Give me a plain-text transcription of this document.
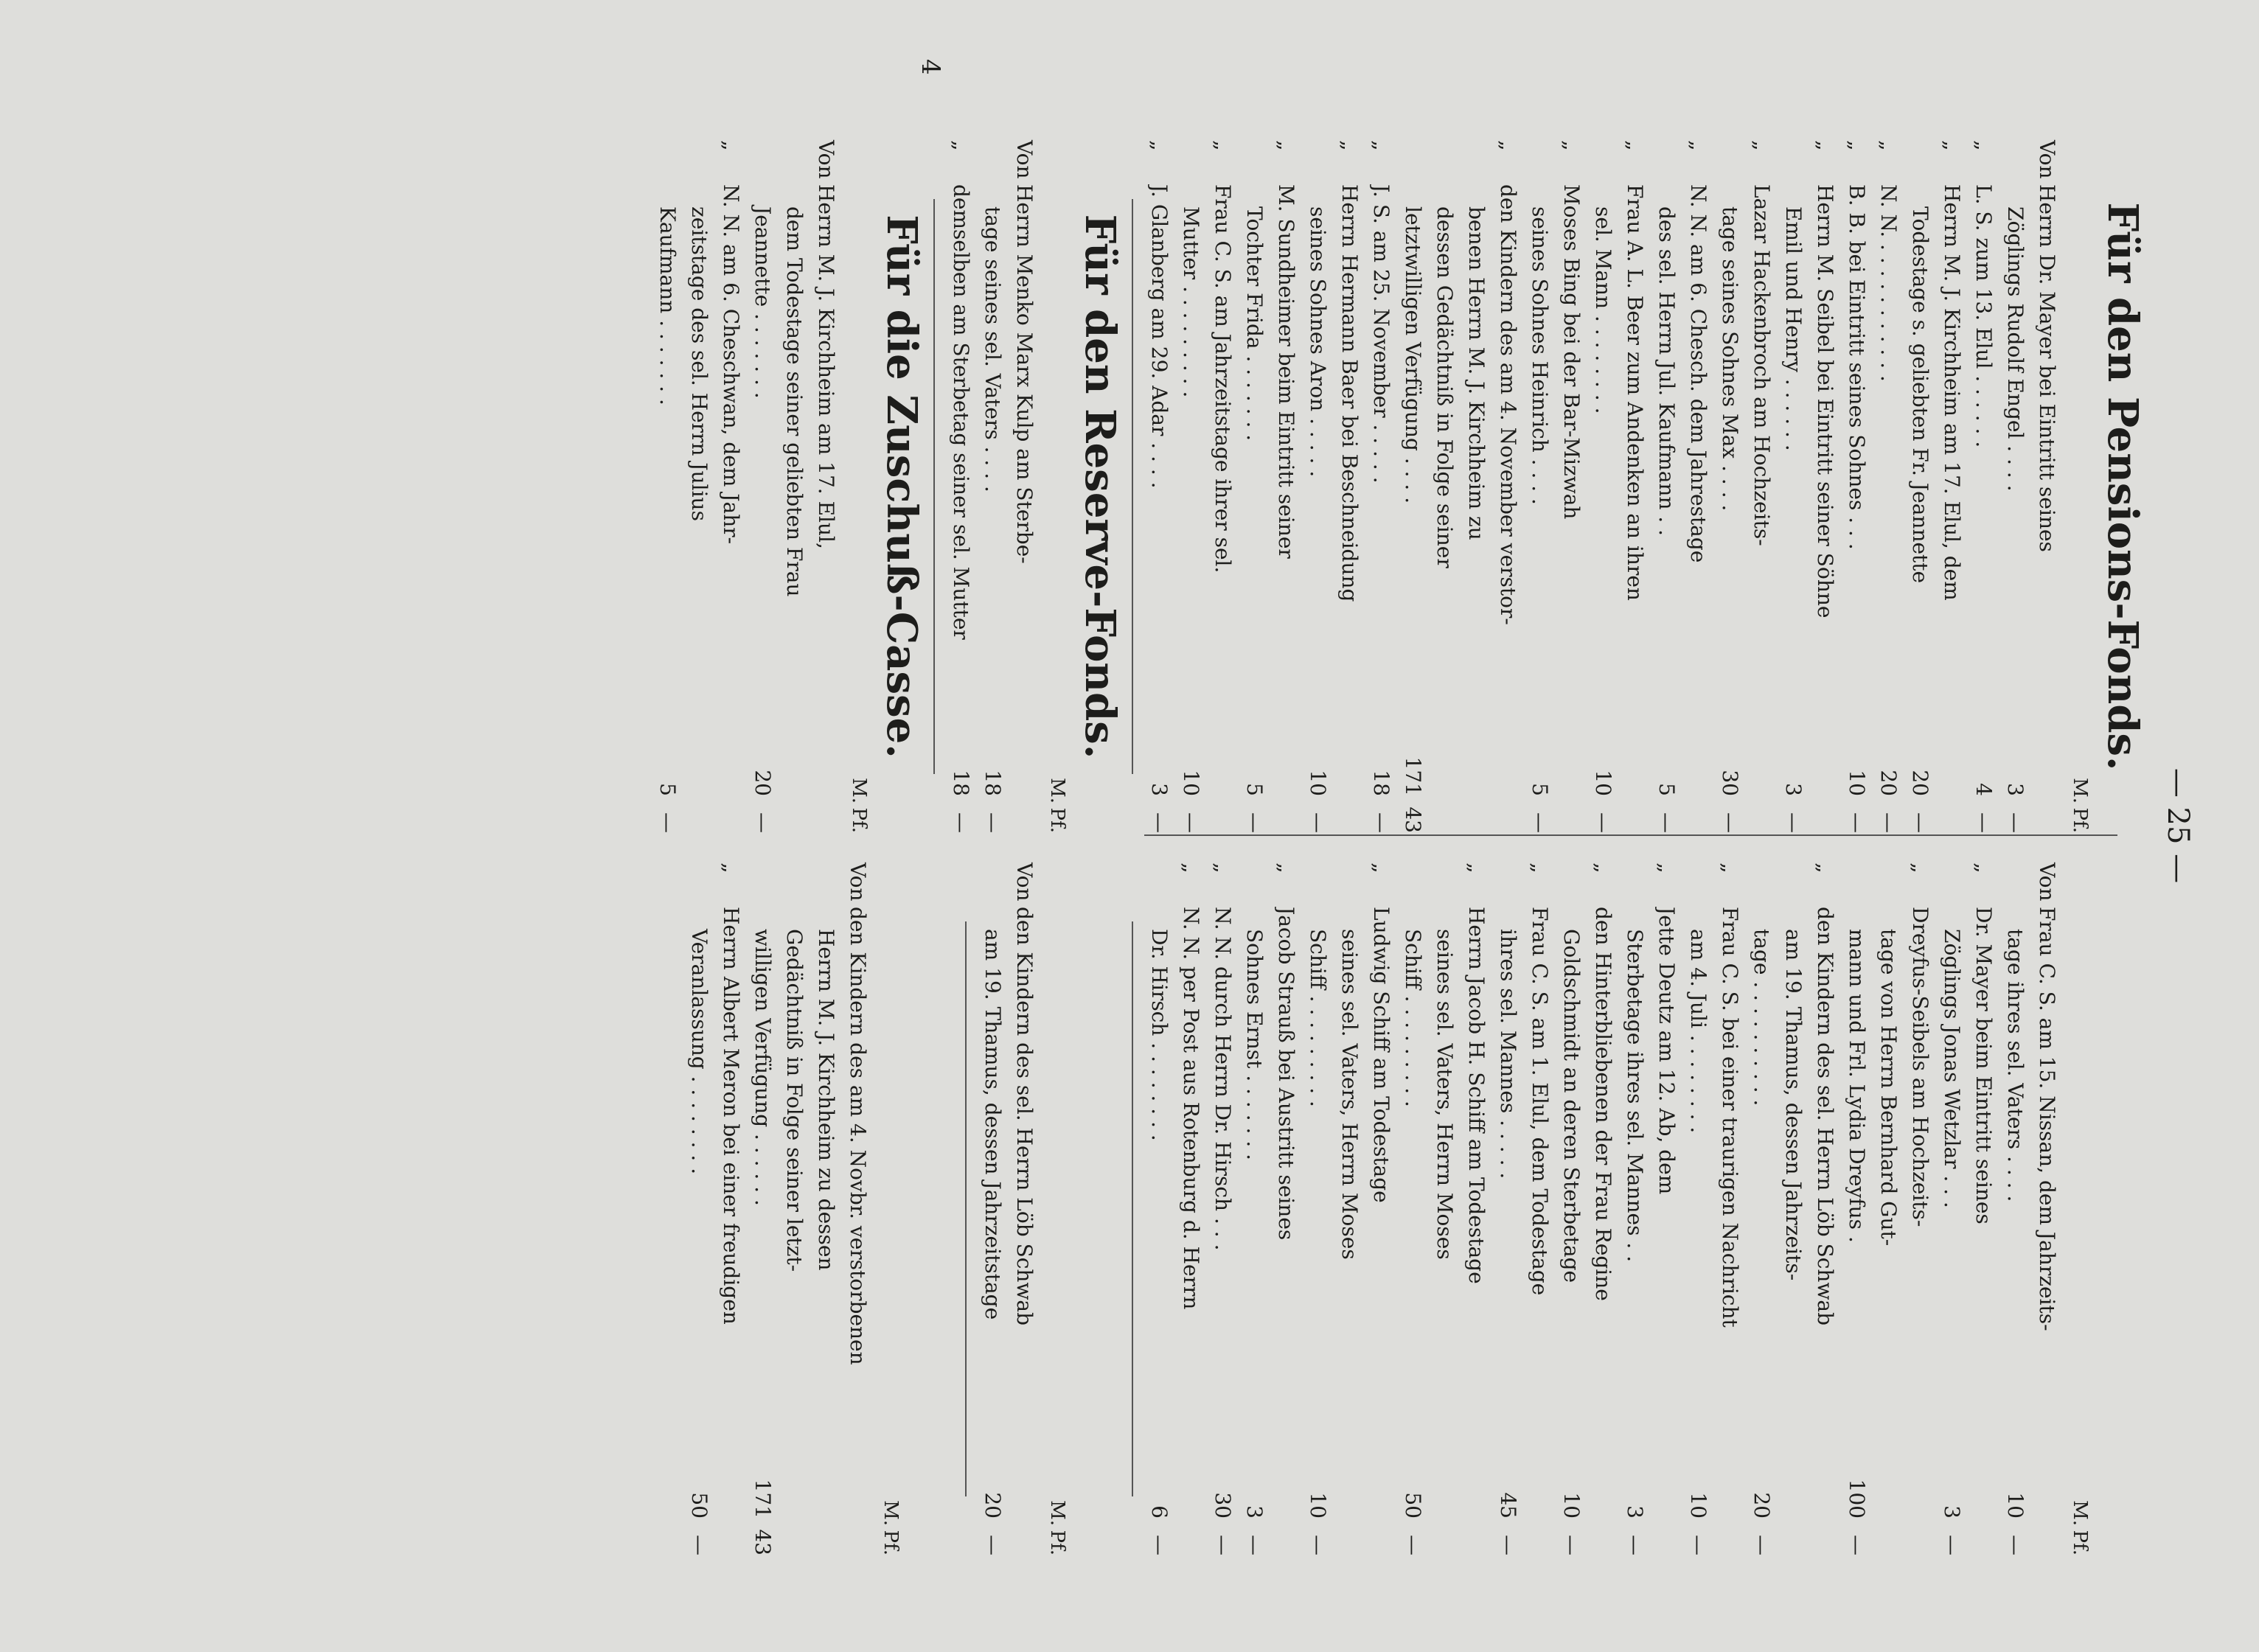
— 25 —
Für den Pensions-Fonds.
M.
Pf.
Von
Herrn Dr. Mayer bei Eintritt seines
Zöglings Rudolf Engel . . . .
3
—
„
L. S. zum 13. Elul . . . . . .
4
—
„
Herrn M. J. Kirchheim am 17. Elul, dem
Todestage s. geliebten Fr. Jeannette
20
—
„
N. N. . . . . . . . . . . .
20
—
„
B. B. bei Eintritt seines Sohnes . . .
10
—
„
Herrn M. Seibel bei Eintritt seiner Söhne
Emil und Henry . . . . . .
3
—
„
Lazar Hackenbroch am Hochzeits-
tage seines Sohnes Max . . . .
30
—
„
N. N. am 6. Chesch. dem Jahrestage
des sel. Herrn Jul. Kaufmann . .
5
—
„
Frau A. L. Beer zum Andenken an ihren
sel. Mann . . . . . . . .
10
—
„
Moses Bing bei der Bar-Mizwah
seines Sohnes Heinrich . . . .
5
—
„
den Kindern des am 4. November verstor-
benen Herrn M. J. Kirchheim zu
dessen Gedächtniß in Folge seiner
letztwilligen Verfügung . . . .
171
43
„
J. S. am 25. November . . . . .
18
—
„
Herrn Hermann Baer bei Beschneidung
seines Sohnes Aron . . . . .
10
—
„
M. Sundheimer beim Eintritt seiner
Tochter Frida . . . . . . .
5
—
„
Frau C. S. am Jahrzeitstage ihrer sel.
Mutter . . . . . . . . .
10
—
„
J. Glanberg am 29. Adar . . . .
3
—
Für den Reserve-Fonds.
M.
Pf.
Von
Herrn Menko Marx Kulp am Sterbe-
tage seines sel. Vaters . . . .
18
—
„
demselben am Sterbetag seiner sel. Mutter
18
—
Für die Zuschuß-Casse.
M.
Pf.
Von
Herrn M. J. Kirchheim am 17. Elul,
dem Todestage seiner geliebten Frau
Jeannette . . . . . . .
20
—
„
N. N. am 6. Cheschwan, dem Jahr-
zeitstage des sel. Herrn Julius
Kaufmann . . . . . . .
5
—

M.
Pf.
Von
Frau C. S. am 15. Nissan, dem Jahrzeits-
tage ihres sel. Vaters . . . .
10
—
„
Dr. Mayer beim Eintritt seines
Zöglings Jonas Wetzlar . . .
3
—
„
Dreyfus-Seibels am Hochzeits-
tage von Herrn Bernhard Gut-
mann und Frl. Lydia Dreyfus .
100
—
„
den Kindern des sel. Herrn Löb Schwab
am 19. Thamus, dessen Jahrzeits-
tage . . . . . . . . . .
20
—
„
Frau C. S. bei einer traurigen Nachricht
am 4. Juli . . . . . . . .
10
—
„
Jette Deutz am 12. Ab, dem
Sterbetage ihres sel. Mannes . .
3
—
„
den Hinterbliebenen der Frau Regine
Goldschmidt an deren Sterbetage
10
—
„
Frau C. S. am 1. Elul, dem Todestage
ihres sel. Mannes . . . . .
45
—
„
Herrn Jacob H. Schiff am Todestage
seines sel. Vaters, Herrn Moses
Schiff . . . . . . . . .
50
—
„
Ludwig Schiff am Todestage
seines sel. Vaters, Herrn Moses
Schiff . . . . . . . . .
10
—
„
Jacob Strauß bei Austritt seines
Sohnes Ernst . . . . . . .
3
—
„
N. N. durch Herrn Dr. Hirsch . . .
30
—
„
N. N. per Post aus Rotenburg d. Herrn
Dr. Hirsch . . . . . . . .
6
—

M.
Pf.
Von
den Kindern des sel. Herrn Löb Schwab
am 19. Thamus, dessen Jahrzeitstage
20
—

M.
Pf.
Von
den Kindern des am 4. Novbr. verstorbenen
Herrn M. J. Kirchheim zu dessen
Gedächtniß in Folge seiner letzt-
willigen Verfügung . . . . . .
171
43
„
Herrn Albert Meron bei einer freudigen
Veranlassung . . . . . . . .
50
—
4
